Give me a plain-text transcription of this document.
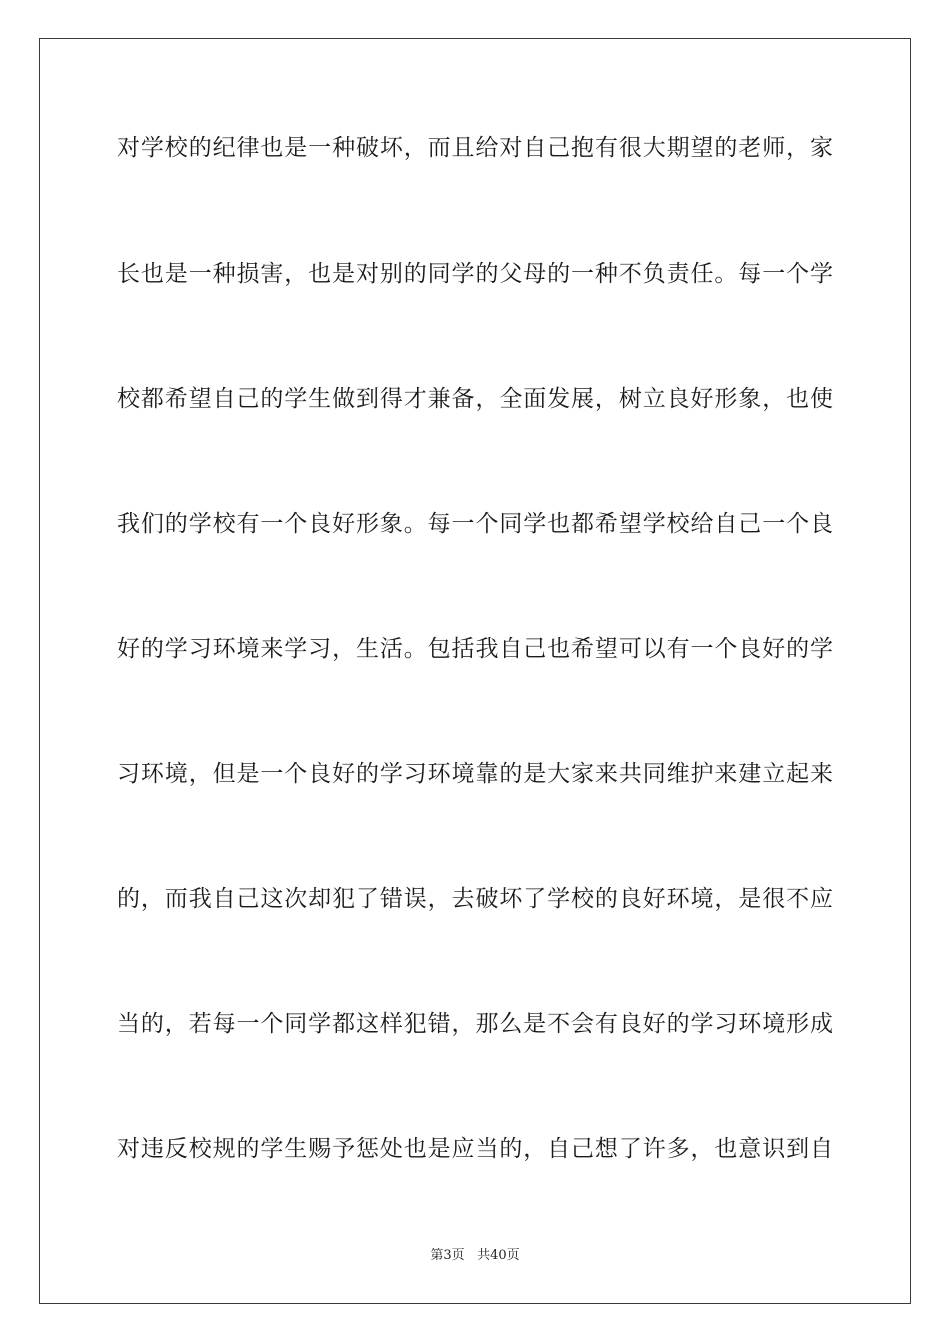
对学校的纪律也是一种破坏，而且给对自己抱有很大期望的老师，家
长也是一种损害，也是对别的同学的父母的一种不负责任。每一个学
校都希望自己的学生做到得才兼备，全面发展，树立良好形象，也使
我们的学校有一个良好形象。每一个同学也都希望学校给自己一个良
好的学习环境来学习，生活。包括我自己也希望可以有一个良好的学
习环境，但是一个良好的学习环境靠的是大家来共同维护来建立起来
的，而我自己这次却犯了错误，去破坏了学校的良好环境，是很不应
当的，若每一个同学都这样犯错，那么是不会有良好的学习环境形成
对违反校规的学生赐予惩处也是应当的，自己想了许多，也意识到自
第3页 共40页
